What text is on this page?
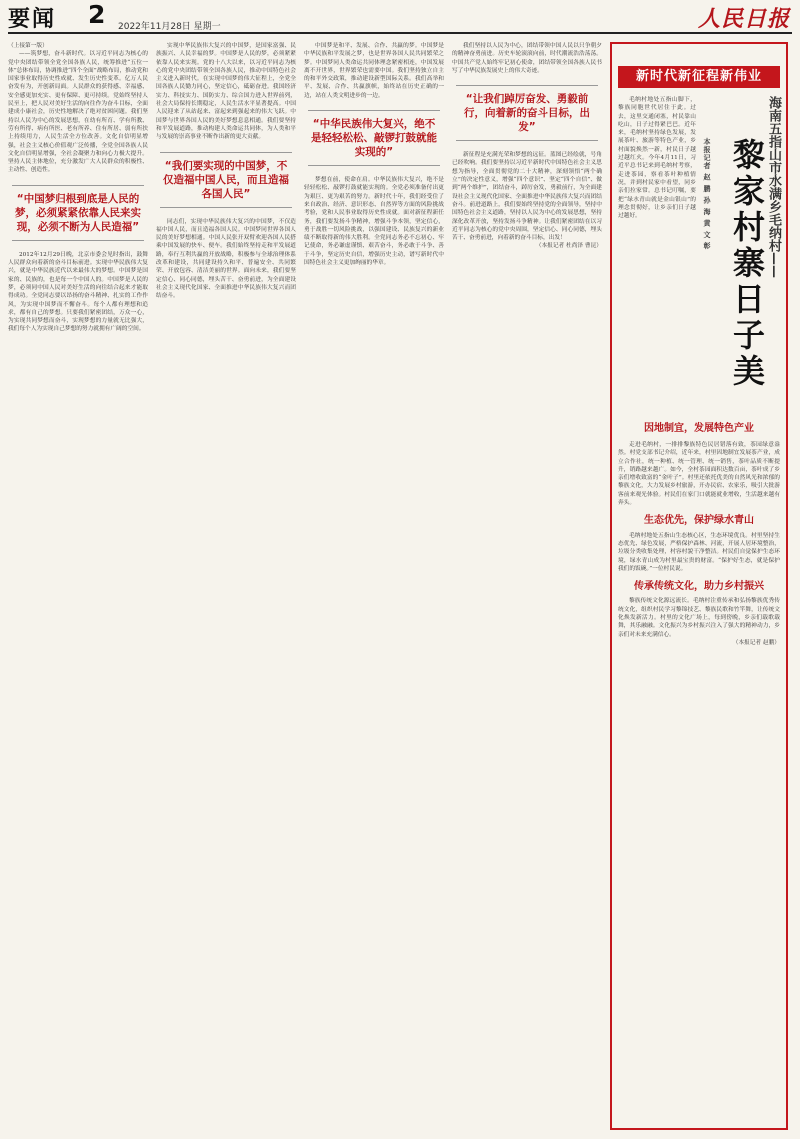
要闻 2 2022年11月28日 星期一	人民日报

（上接第一版）

——筑梦想，奋斗新时代。以习近平同志为核心的党中央团结带领全党全国各族人民，统筹推进“五位一体”总体布局，协调推进“四个全面”战略布局，推动党和国家事业取得历史性成就、发生历史性变革。亿万人民奋发有为，开创新局面。人民群众的获得感、幸福感、安全感更加充实、更有保障、更可持续。党始终坚持人民至上，把人民对美好生活的向往作为奋斗目标，全面建成小康社会，历史性地解决了绝对贫困问题。我们坚持以人民为中心的发展思想，在幼有所育、学有所教、劳有所得、病有所医、老有所养、住有所居、弱有所扶上持续用力，人民生活全方位改善。文化自信明显增强，社会主义核心价值观广泛传播，全党全国各族人民文化自信明显增强，全社会凝聚力和向心力极大提升。坚持人民主体地位，充分激发广大人民群众的积极性、主动性、创造性。

“中国梦归根到底是人民的梦，必须紧紧依靠人民来实现，必须不断为人民造福”

2012年12月29日晚，北京市委会见时指出，鼓舞人民群众向着新的奋斗目标前进。实现中华民族伟大复兴，就是中华民族近代以来最伟大的梦想。中国梦是国家的、民族的，也是每一个中国人的。中国梦是人民的梦，必须同中国人民对美好生活的向往结合起来才能取得成功。全党同志要以昂扬的奋斗精神、扎实的工作作风，为实现中国梦而不懈奋斗。每个人都有理想和追求，都有自己的梦想。只要我们紧密团结，万众一心，为实现共同梦想而奋斗，实现梦想的力量就无比强大，我们每个人为实现自己梦想的努力就拥有广阔的空间。

实现中华民族伟大复兴的中国梦，是国家富强、民族振兴、人民幸福的梦。中国梦是人民的梦，必须紧紧依靠人民来实现。党的十八大以来，以习近平同志为核心的党中央团结带领全国各族人民，推动中国特色社会主义进入新时代。在实现中国梦的伟大征程上，全党全国各族人民勠力同心，坚定信心，砥砺奋进。我国经济实力、科技实力、国防实力、综合国力进入世界前列，社会大局保持长期稳定，人民生活水平显著提高。中国人民迎来了从站起来、富起来到强起来的伟大飞跃。中国梦与世界各国人民的美好梦想息息相通。我们要坚持和平发展道路，推动构建人类命运共同体，为人类和平与发展的崇高事业不断作出新的更大贡献。

“我们要实现的中国梦，不仅造福中国人民，而且造福各国人民”

同志们，实现中华民族伟大复兴的中国梦，不仅造福中国人民，而且造福各国人民。中国梦同世界各国人民的美好梦想相通。中国人民张开双臂欢迎各国人民搭乘中国发展的快车、便车。我们始终坚持走和平发展道路，奉行互利共赢的开放战略，积极参与全球治理体系改革和建设，共同建设持久和平、普遍安全、共同繁荣、开放包容、清洁美丽的世界。面向未来，我们要坚定信心、同心同德，埋头苦干、奋勇前进，为全面建设社会主义现代化国家、全面推进中华民族伟大复兴而团结奋斗。

中国梦是和平、发展、合作、共赢的梦。中国梦是中华民族和平发展之梦，也是世界各国人民共同繁荣之梦。中国梦同人类命运共同体理念紧密相连，中国发展离不开世界，世界繁荣也需要中国。我们坚持独立自主的和平外交政策，推动建设新型国际关系。我们高举和平、发展、合作、共赢旗帜，始终站在历史正确的一边，站在人类文明进步的一边。

“中华民族伟大复兴，绝不是轻轻松松、敲锣打鼓就能实现的”

梦想在前，使命在肩。中华民族伟大复兴，绝不是轻轻松松、敲锣打鼓就能实现的。全党必须准备付出更为艰巨、更为艰苦的努力。新时代十年，我们经受住了来自政治、经济、意识形态、自然界等方面的风险挑战考验，党和人民事业取得历史性成就。面对新征程新任务，我们要发扬斗争精神，增强斗争本领，坚定信心，勇于战胜一切风险挑战，以强国建设、民族复兴的新业绩不断取得新的伟大胜利。全党同志务必不忘初心、牢记使命，务必谦虚谨慎、艰苦奋斗，务必敢于斗争、善于斗争，坚定历史自信，增强历史主动，谱写新时代中国特色社会主义更加绚丽的华章。

我们坚持以人民为中心，团结带领中国人民以只争朝夕的精神奋勇前进。历史车轮滚滚向前，时代潮流浩浩荡荡。中国共产党人始终牢记初心使命，团结带领全国各族人民书写了中华民族发展史上的伟大奇迹。

“让我们踔厉奋发、勇毅前行，向着新的奋斗目标，出发”

新征程是充满光荣和梦想的远征。蓝图已经绘就，号角已经吹响。我们要坚持以习近平新时代中国特色社会主义思想为指导，全面贯彻党的二十大精神，深刻领悟“两个确立”的决定性意义，增强“四个意识”、坚定“四个自信”、做到“两个维护”，团结奋斗，踔厉奋发，勇毅前行，为全面建设社会主义现代化国家、全面推进中华民族伟大复兴而团结奋斗。前进道路上，我们要始终坚持党的全面领导，坚持中国特色社会主义道路，坚持以人民为中心的发展思想，坚持深化改革开放，坚持发扬斗争精神。让我们紧密团结在以习近平同志为核心的党中央周围，坚定信心、同心同德，埋头苦干、奋勇前进，向着新的奋斗目标，出发！

（本报记者 杜尚泽 曹昆）

新时代新征程新伟业
海南五指山市水满乡毛纳村——
黎家村寨日子美
本报记者 赵 鹏 孙 海 黄 文 彰

毛纳村地处五指山脚下，黎族同胞世代居住于此。过去，这里交通闭塞，村民靠山吃山，日子过得紧巴巴。近年来，毛纳村坚持绿色发展，发展茶叶、旅游等特色产业，乡村面貌焕然一新，村民日子越过越红火。今年4月11日，习近平总书记来到毛纳村考察，走进茶园，察看茶叶种植情况，并到村民家中看望，同乡亲们拉家常。总书记叮嘱，要把“绿水青山就是金山银山”的理念贯彻好，让乡亲们日子越过越好。

因地制宜，发展特色产业

走进毛纳村，一排排黎族特色民居错落有致，茶园绿意盎然。村党支部书记介绍，近年来，村里因地制宜发展茶产业，成立合作社，统一种植、统一管理、统一销售，茶叶品质不断提升，销路越来越广。如今，全村茶园面积达数百亩，茶叶成了乡亲们增收致富的“金叶子”。村里还依托优美的自然风光和浓郁的黎族文化，大力发展乡村旅游，开办民宿、农家乐，吸引大批游客前来观光体验。村民们在家门口就能就业增收，生活越来越有奔头。

生态优先，保护绿水青山

毛纳村地处五指山生态核心区，生态环境优良。村里坚持生态优先、绿色发展，严格保护森林、河流，开展人居环境整治，垃圾分类收集处理，村容村貌干净整洁。村民们自觉保护生态环境，绿水青山成为村里最宝贵的财富。“保护好生态，就是保护我们的饭碗。”一位村民说。

传承传统文化，助力乡村振兴

黎族传统文化源远流长。毛纳村注重传承和弘扬黎族优秀传统文化，组织村民学习黎锦技艺、黎族民歌和竹竿舞，让传统文化焕发新活力。村里的文化广场上，每到傍晚，乡亲们载歌载舞，其乐融融。文化振兴为乡村振兴注入了强大的精神动力，乡亲们对未来充满信心。

（本报记者 赵鹏）
